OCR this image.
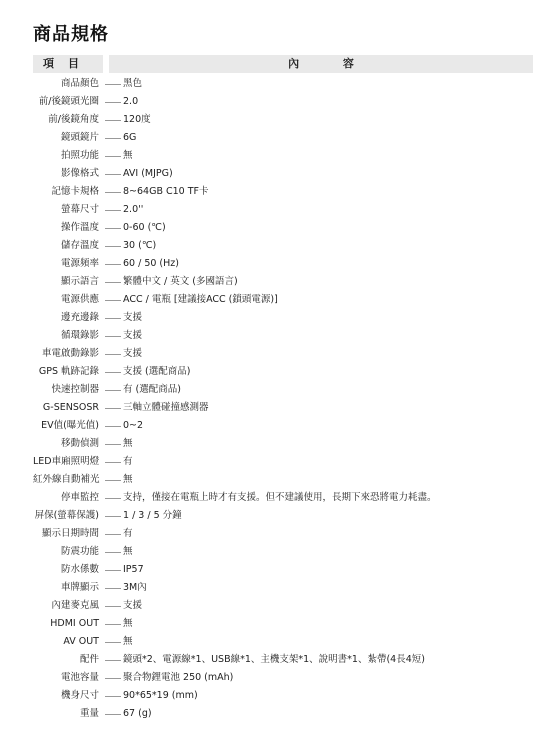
商品規格
項目	內 容
商品顏色	黑色
前/後鏡頭光圈	2.0
前/後鏡角度	120度
鏡頭鏡片	6G
拍照功能	無
影像格式	AVI (MJPG)
記憶卡規格	8~64GB C10 TF卡
螢幕尺寸	2.0''
操作溫度	0-60 (℃)
儲存溫度	30 (℃)
電源頻率	60 / 50 (Hz)
顯示語言	繁體中文 / 英文 (多國語言)
電源供應	ACC / 電瓶 [建議接ACC (鎖頭電源)]
邊充邊錄	支援
循環錄影	支援
車電啟動錄影	支援
GPS 軌跡記錄	支援 (選配商品)
快速控制器	有 (選配商品)
G-SENSOSR	三軸立體碰撞感測器
EV值(曝光值)	0~2
移動偵測	無
LED車廂照明燈	有
紅外線自動補光 無
停車監控	支持，僅接在電瓶上時才有支援。但不建議使用，長期下來恐將電力耗盡。
屏保(螢幕保護)	1 / 3 / 5 分鐘
顯示日期時間	有
防震功能	無
防水係數	IP57
車牌顯示	3M內
內建麥克風	支援
HDMI OUT	無
AV OUT	無
配件	鏡頭*2、電源線*1、USB線*1、主機支架*1、說明書*1、紮帶(4長4短)
電池容量	聚合物鋰電池 250 (mAh)
機身尺寸	90*65*19 (mm)
重量	67 (g)
